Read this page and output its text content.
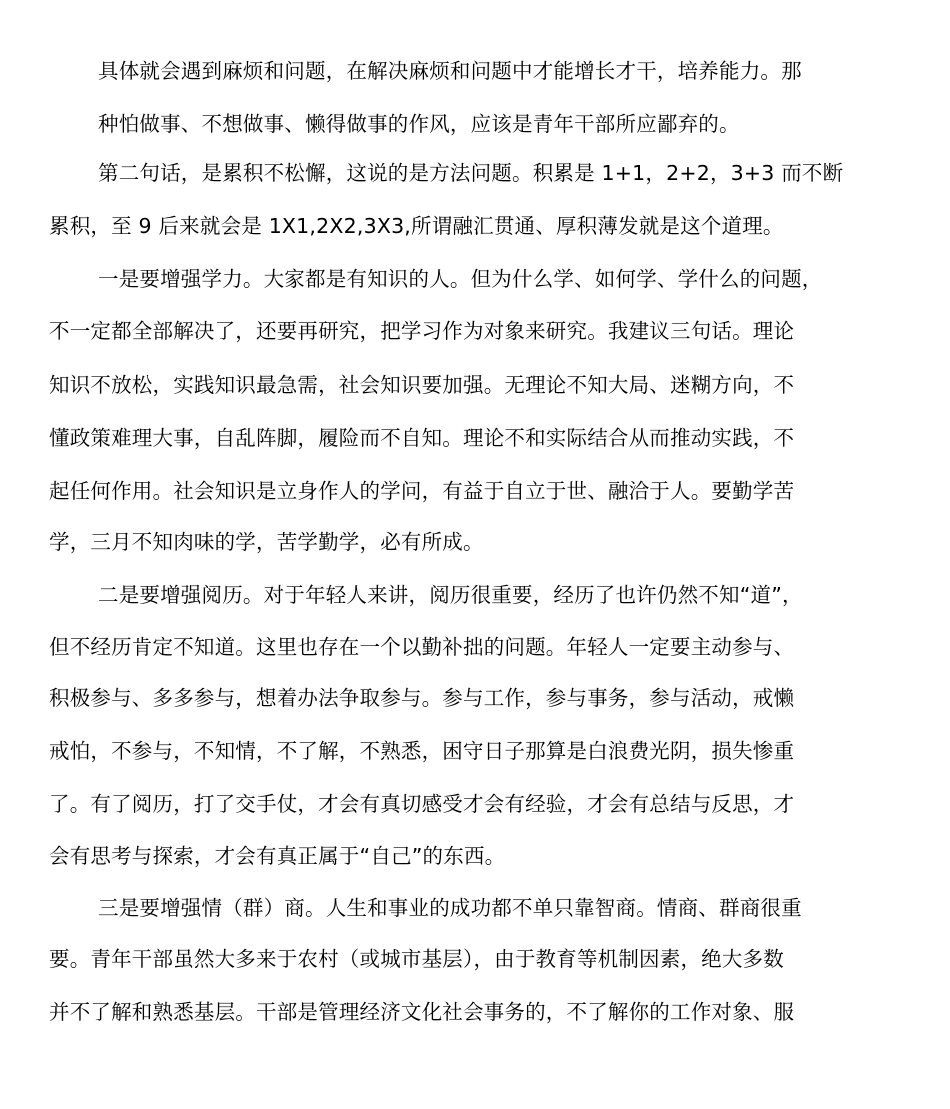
具体就会遇到麻烦和问题，在解决麻烦和问题中才能增长才干，培养能力。那
种怕做事、不想做事、懒得做事的作风，应该是青年干部所应鄙弃的。
第二句话，是累积不松懈，这说的是方法问题。积累是 1+1，2+2，3+3 而不断
累积，至 9 后来就会是 1X1,2X2,3X3,所谓融汇贯通、厚积薄发就是这个道理。
一是要增强学力。大家都是有知识的人。但为什么学、如何学、学什么的问题，
不一定都全部解决了，还要再研究，把学习作为对象来研究。我建议三句话。理论
知识不放松，实践知识最急需，社会知识要加强。无理论不知大局、迷糊方向，不
懂政策难理大事，自乱阵脚，履险而不自知。理论不和实际结合从而推动实践，不
起任何作用。社会知识是立身作人的学问，有益于自立于世、融洽于人。要勤学苦
学，三月不知肉味的学，苦学勤学，必有所成。
二是要增强阅历。对于年轻人来讲，阅历很重要，经历了也许仍然不知“道”，
但不经历肯定不知道。这里也存在一个以勤补拙的问题。年轻人一定要主动参与、
积极参与、多多参与，想着办法争取参与。参与工作，参与事务，参与活动，戒懒
戒怕，不参与，不知情，不了解，不熟悉，困守日子那算是白浪费光阴，损失惨重
了。有了阅历，打了交手仗，才会有真切感受才会有经验，才会有总结与反思，才
会有思考与探索，才会有真正属于“自己”的东西。
三是要增强情（群）商。人生和事业的成功都不单只靠智商。情商、群商很重
要。青年干部虽然大多来于农村（或城市基层），由于教育等机制因素，绝大多数
并不了解和熟悉基层。干部是管理经济文化社会事务的，不了解你的工作对象、服
